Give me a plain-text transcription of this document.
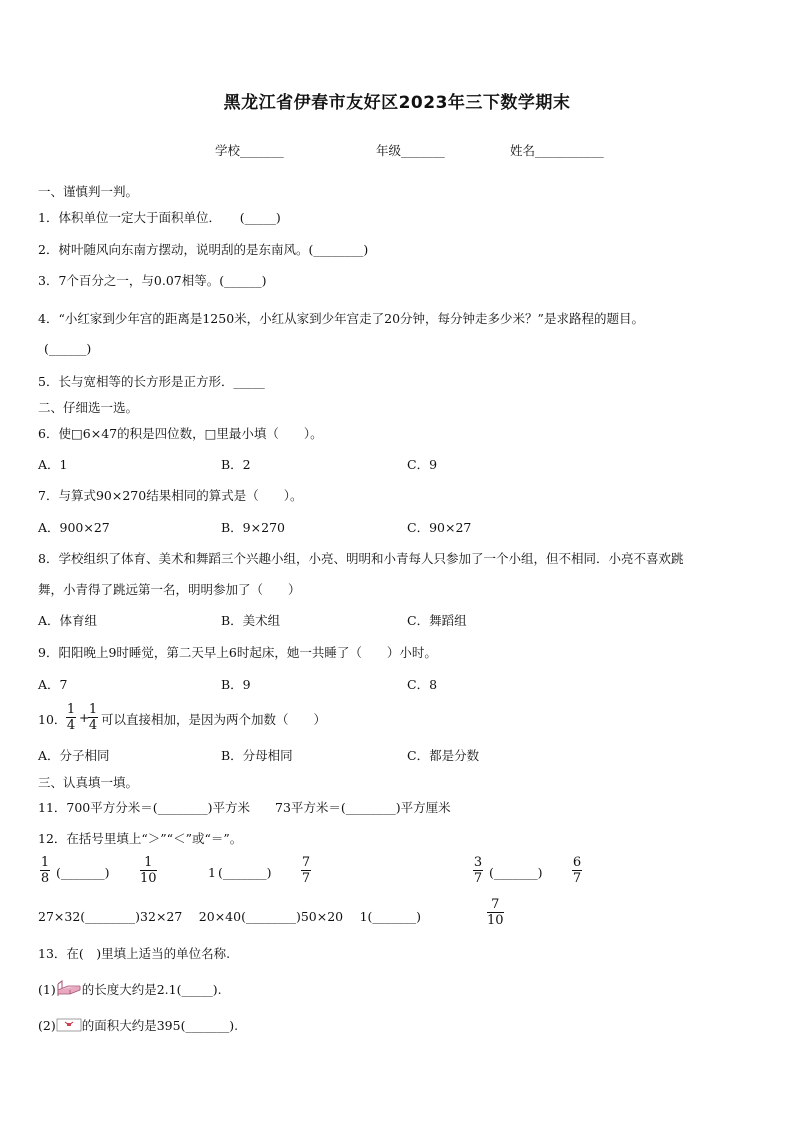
黑龙江省伊春市友好区2023年三下数学期末
学校_______	年级_______	姓名___________
一、谨慎判一判。
1．体积单位一定大于面积单位．　　(_____)
2．树叶随风向东南方摆动，说明刮的是东南风。(________)
3．7个百分之一，与0.07相等。(______)
4．“小红家到少年宫的距离是1250米，小红从家到少年宫走了20分钟，每分钟走多少米？”是求路程的题目。
(______)
5．长与宽相等的长方形是正方形．_____
二、仔细选一选。
6．使□6×47的积是四位数，□里最小填（　　）。
A．1	B．2	C．9
7．与算式90×270结果相同的算式是（　　）。
A．900×27	B．9×270	C．90×27
8．学校组织了体育、美术和舞蹈三个兴趣小组，小亮、明明和小青每人只参加了一个小组，但不相同．小亮不喜欢跳
舞，小青得了跳远第一名，明明参加了（　　）
A．体育组	B．美术组	C．舞蹈组
9．阳阳晚上9时睡觉，第二天早上6时起床，她一共睡了（　　）小时。
A．7	B．9	C．8
10．
1
4
+
1
4 可以直接相加，是因为两个加数（　　）
A．分子相同	B．分母相同	C．都是分数
三、认真填一填。
11．700平方分米＝(________)平方米　　73平方米＝(________)平方厘米
12．在括号里填上“＞”“＜”或“＝”。
1
8 (_______)
1
10	1 (_______)
7
7
3
7 (_______)
6
7
27×32(________)32×27　 20×40(________)50×20　 1(_______)
7
10
13．在(　)里填上适当的单位名称.
(1) 的长度大约是2.1(_____).
(2) 的面积大约是395(_______).
